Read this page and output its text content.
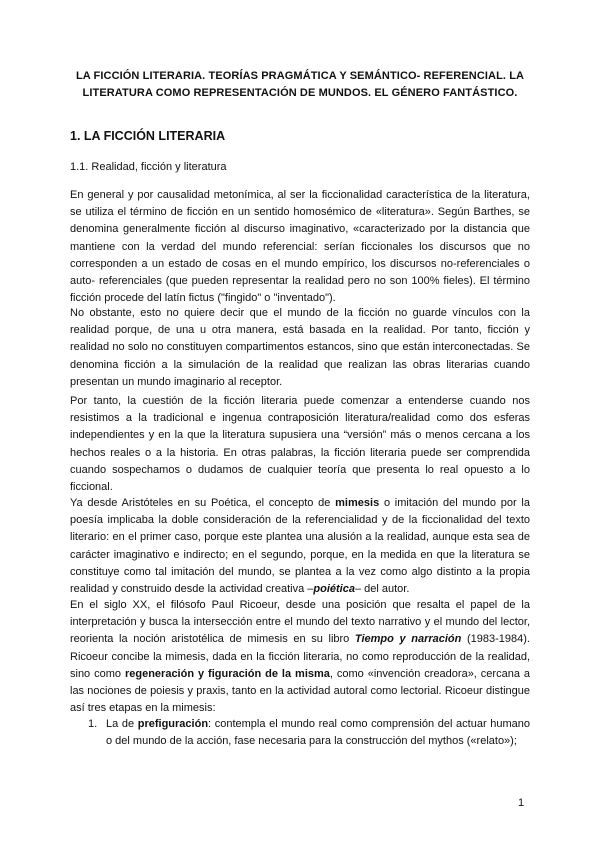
LA FICCIÓN LITERARIA. TEORÍAS PRAGMÁTICA Y SEMÁNTICO- REFERENCIAL. LA LITERATURA COMO REPRESENTACIÓN DE MUNDOS. EL GÉNERO FANTÁSTICO.
1. LA FICCIÓN LITERARIA
1.1. Realidad, ficción y literatura

En general y por causalidad metonímica, al ser la ficcionalidad característica de la literatura, se utiliza el término de ficción en un sentido homosémico de «literatura». Según Barthes, se denomina generalmente ficción al discurso imaginativo, «caracterizado por la distancia que mantiene con la verdad del mundo referencial: serían ficcionales los discursos que no corresponden a un estado de cosas en el mundo empírico, los discursos no-referenciales o auto- referenciales (que pueden representar la realidad pero no son 100% fieles). El término ficción procede del latín fictus ("fingido" o "inventado").

No obstante, esto no quiere decir que el mundo de la ficción no guarde vínculos con la realidad porque, de una u otra manera, está basada en la realidad. Por tanto, ficción y realidad no solo no constituyen compartimentos estancos, sino que están interconectadas. Se denomina ficción a la simulación de la realidad que realizan las obras literarias cuando presentan un mundo imaginario al receptor.

Por tanto, la cuestión de la ficción literaria puede comenzar a entenderse cuando nos resistimos a la tradicional e ingenua contraposición literatura/realidad como dos esferas independientes y en la que la literatura supusiera una “versión” más o menos cercana a los hechos reales o a la historia. En otras palabras, la ficción literaria puede ser comprendida cuando sospechamos o dudamos de cualquier teoría que presenta lo real opuesto a lo ficcional.

Ya desde Aristóteles en su Poética, el concepto de mimesis o imitación del mundo por la poesía implicaba la doble consideración de la referencialidad y de la ficcionalidad del texto literario: en el primer caso, porque este plantea una alusión a la realidad, aunque esta sea de carácter imaginativo e indirecto; en el segundo, porque, en la medida en que la literatura se constituye como tal imitación del mundo, se plantea a la vez como algo distinto a la propia realidad y construido desde la actividad creativa –poiética– del autor.

En el siglo XX, el filósofo Paul Ricoeur, desde una posición que resalta el papel de la interpretación y busca la intersección entre el mundo del texto narrativo y el mundo del lector, reorienta la noción aristotélica de mimesis en su libro Tiempo y narración (1983-1984). Ricoeur concibe la mimesis, dada en la ficción literaria, no como reproducción de la realidad, sino como regeneración y figuración de la misma, como «invención creadora», cercana a las nociones de poiesis y praxis, tanto en la actividad autoral como lectorial. Ricoeur distingue así tres etapas en la mimesis:

1. La de prefiguración: contempla el mundo real como comprensión del actuar humano o del mundo de la acción, fase necesaria para la construcción del mythos («relato»);
1
